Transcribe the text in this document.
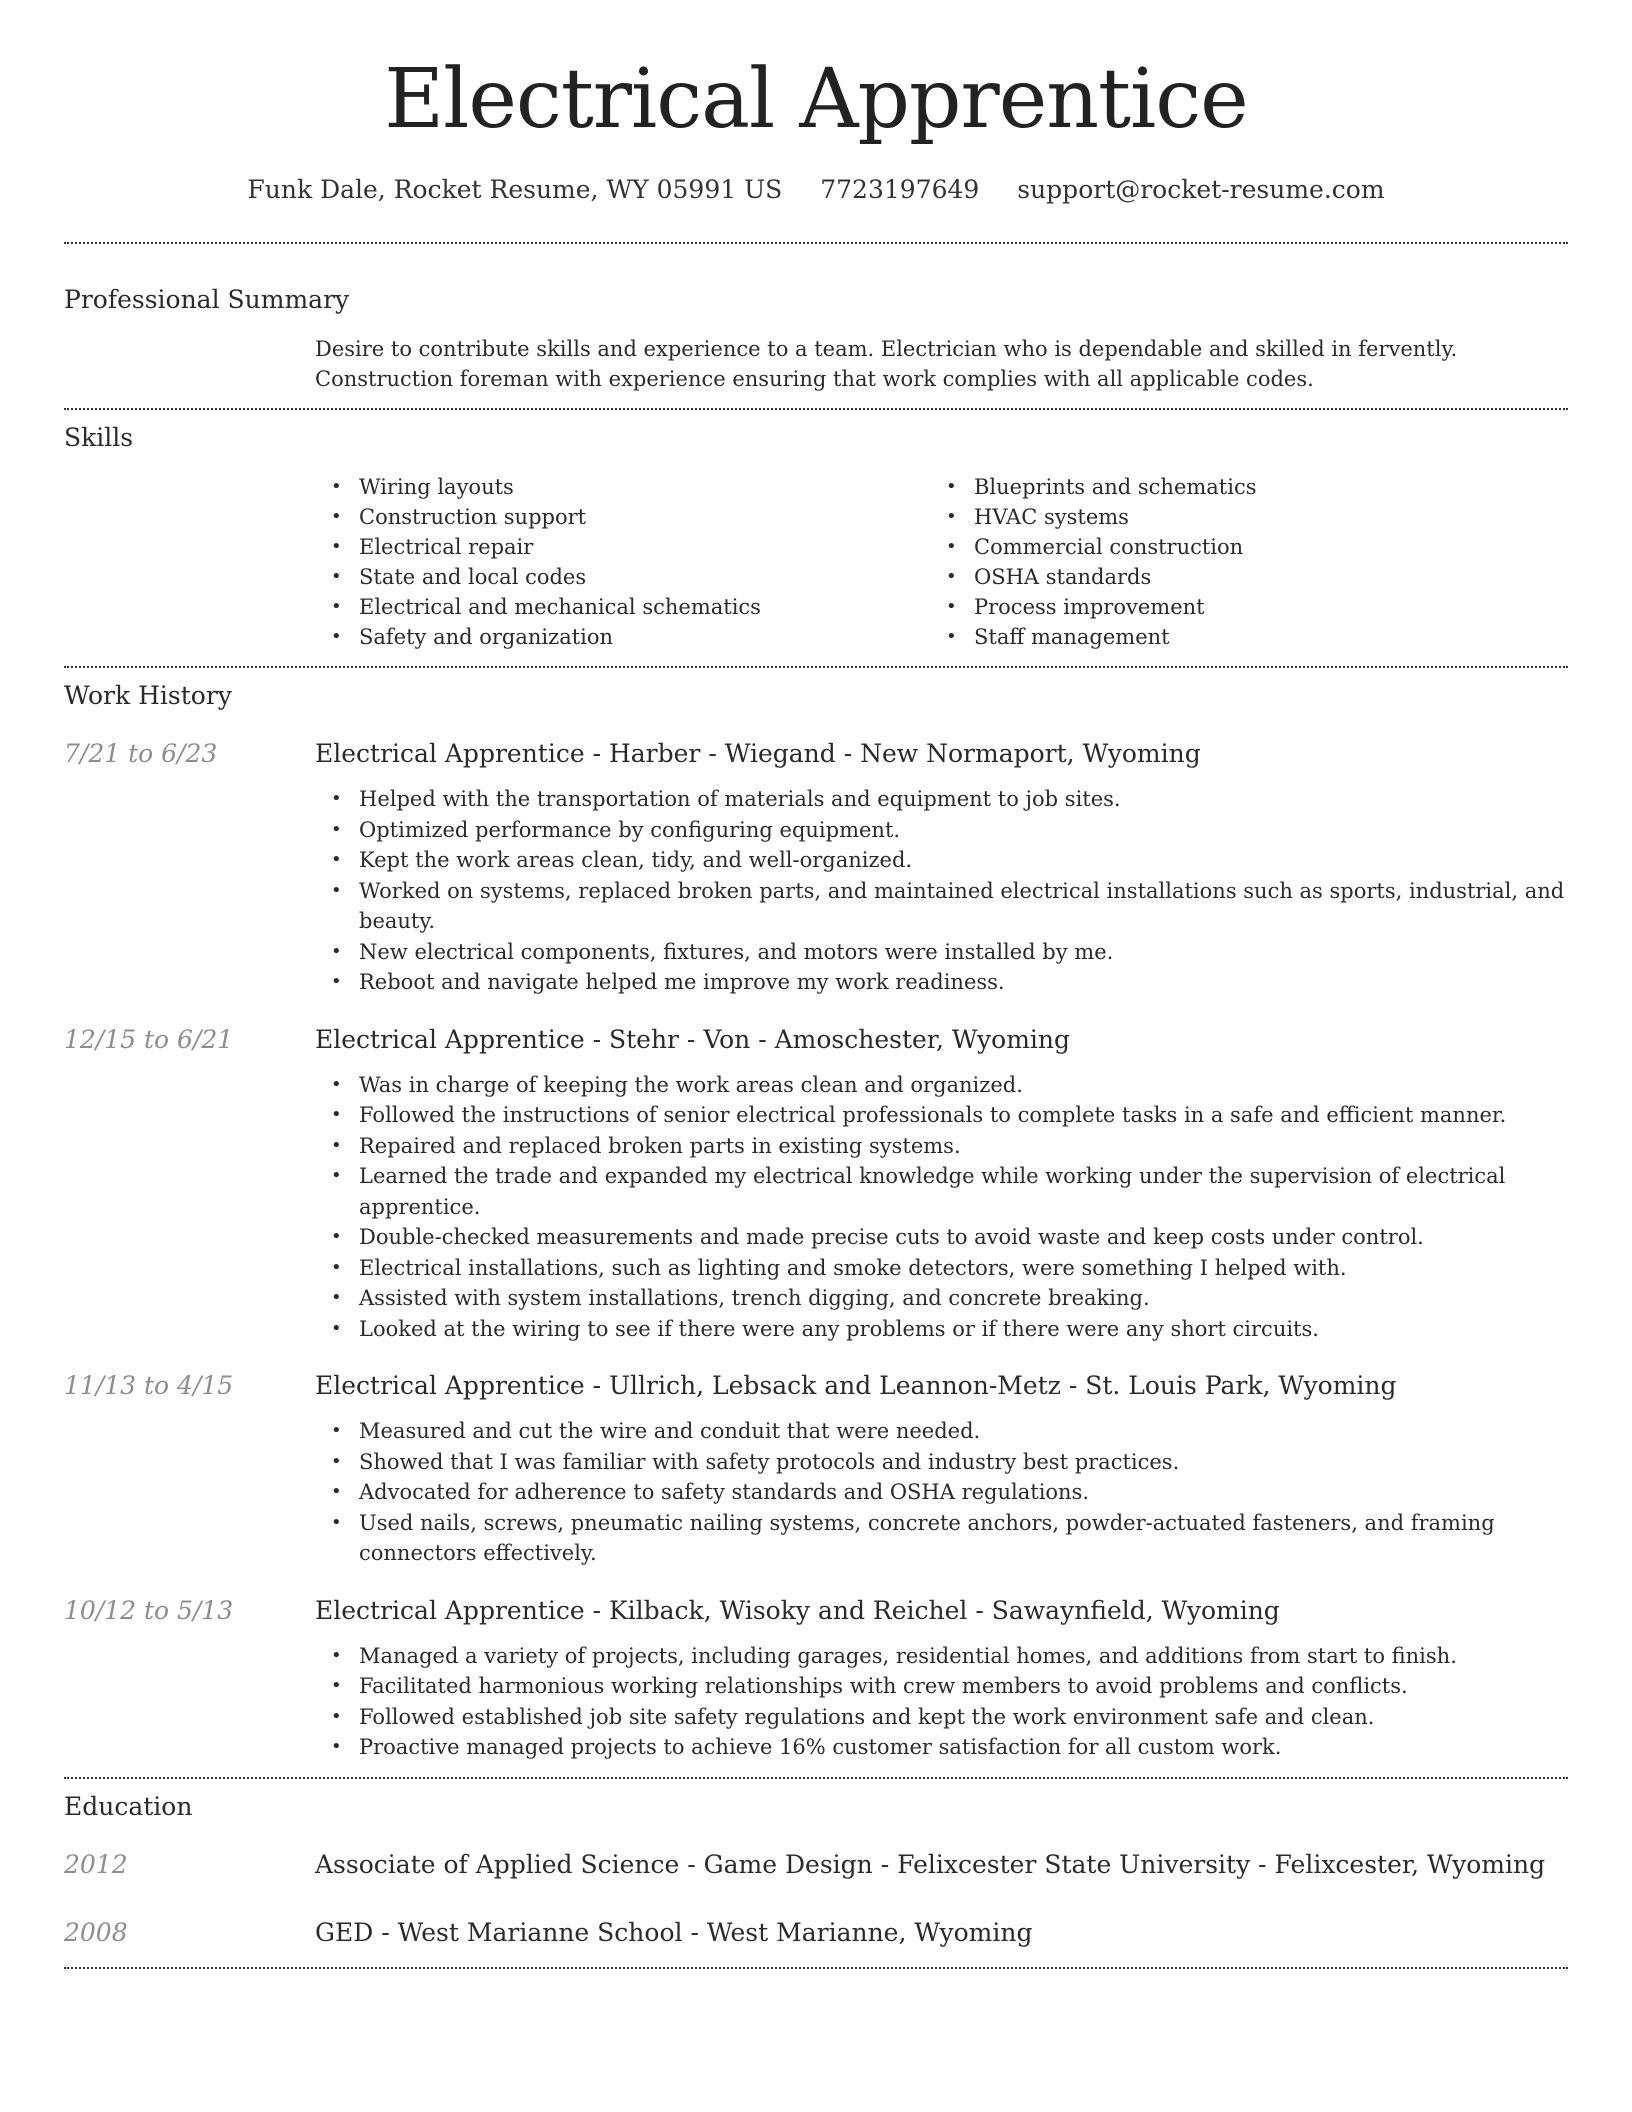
Electrical Apprentice
Funk Dale, Rocket Resume, WY 05991 US 7723197649 support@rocket-resume.com
Professional Summary

Desire to contribute skills and experience to a team. Electrician who is dependable and skilled in fervently. Construction foreman with experience ensuring that work complies with all applicable codes.

Skills
• Wiring layouts
• Construction support
• Electrical repair
• State and local codes
• Electrical and mechanical schematics
• Safety and organization
• Blueprints and schematics
• HVAC systems
• Commercial construction
• OSHA standards
• Process improvement
• Staff management
Work History
7/21 to 6/23	Electrical Apprentice - Harber - Wiegand - New Normaport, Wyoming
• Helped with the transportation of materials and equipment to job sites.
• Optimized performance by configuring equipment.
• Kept the work areas clean, tidy, and well-organized.
• Worked on systems, replaced broken parts, and maintained electrical installations such as sports, industrial, and beauty.
• New electrical components, fixtures, and motors were installed by me.
• Reboot and navigate helped me improve my work readiness.
12/15 to 6/21	Electrical Apprentice - Stehr - Von - Amoschester, Wyoming
• Was in charge of keeping the work areas clean and organized.
• Followed the instructions of senior electrical professionals to complete tasks in a safe and efficient manner.
• Repaired and replaced broken parts in existing systems.
• Learned the trade and expanded my electrical knowledge while working under the supervision of electrical apprentice.
• Double-checked measurements and made precise cuts to avoid waste and keep costs under control.
• Electrical installations, such as lighting and smoke detectors, were something I helped with.
• Assisted with system installations, trench digging, and concrete breaking.
• Looked at the wiring to see if there were any problems or if there were any short circuits.
11/13 to 4/15	Electrical Apprentice - Ullrich, Lebsack and Leannon-Metz - St. Louis Park, Wyoming
• Measured and cut the wire and conduit that were needed.
• Showed that I was familiar with safety protocols and industry best practices.
• Advocated for adherence to safety standards and OSHA regulations.
• Used nails, screws, pneumatic nailing systems, concrete anchors, powder-actuated fasteners, and framing connectors effectively.
10/12 to 5/13	Electrical Apprentice - Kilback, Wisoky and Reichel - Sawaynfield, Wyoming
• Managed a variety of projects, including garages, residential homes, and additions from start to finish.
• Facilitated harmonious working relationships with crew members to avoid problems and conflicts.
• Followed established job site safety regulations and kept the work environment safe and clean.
• Proactive managed projects to achieve 16% customer satisfaction for all custom work.
Education
2012	Associate of Applied Science - Game Design - Felixcester State University - Felixcester, Wyoming
2008	GED - West Marianne School - West Marianne, Wyoming
